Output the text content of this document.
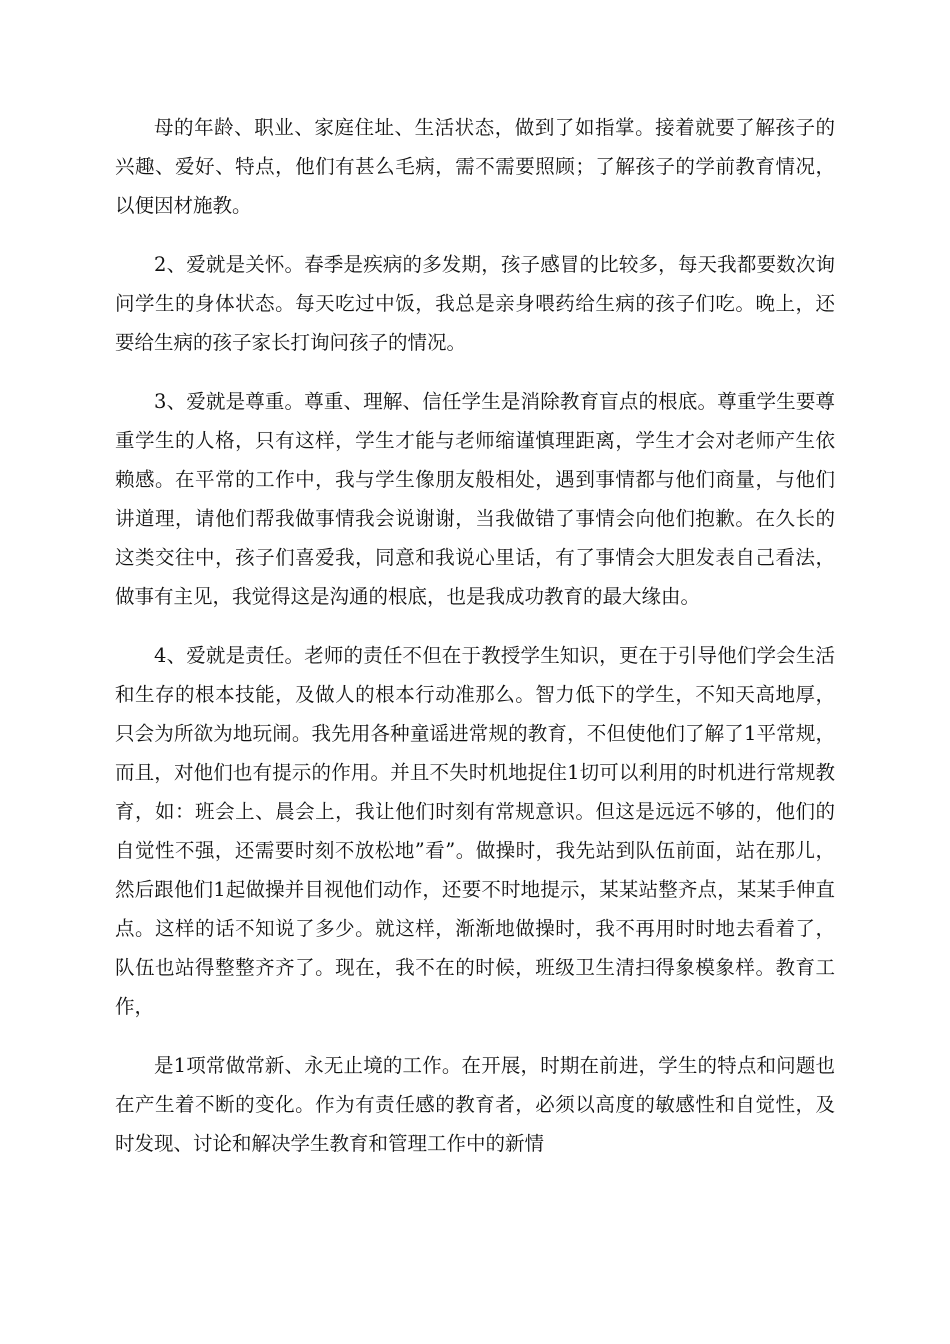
母的年龄、职业、家庭住址、生活状态，做到了如指掌。接着就要了解孩子的兴趣、爱好、特点，他们有甚么毛病，需不需要照顾；了解孩子的学前教育情况，以便因材施教。

2、爱就是关怀。春季是疾病的多发期，孩子感冒的比较多，每天我都要数次询问学生的身体状态。每天吃过中饭，我总是亲身喂药给生病的孩子们吃。晚上，还要给生病的孩子家长打询问孩子的情况。

3、爱就是尊重。尊重、理解、信任学生是消除教育盲点的根底。尊重学生要尊重学生的人格，只有这样，学生才能与老师缩谨慎理距离，学生才会对老师产生依赖感。在平常的工作中，我与学生像朋友般相处，遇到事情都与他们商量，与他们讲道理，请他们帮我做事情我会说谢谢，当我做错了事情会向他们抱歉。在久长的这类交往中，孩子们喜爱我，同意和我说心里话，有了事情会大胆发表自己看法，做事有主见，我觉得这是沟通的根底，也是我成功教育的最大缘由。

4、爱就是责任。老师的责任不但在于教授学生知识，更在于引导他们学会生活和生存的根本技能，及做人的根本行动准那么。智力低下的学生，不知天高地厚，只会为所欲为地玩闹。我先用各种童谣进常规的教育，不但使他们了解了1平常规，而且，对他们也有提示的作用。并且不失时机地捉住1切可以利用的时机进行常规教育，如：班会上、晨会上，我让他们时刻有常规意识。但这是远远不够的，他们的自觉性不强，还需要时刻不放松地”看”。做操时，我先站到队伍前面，站在那儿，然后跟他们1起做操并目视他们动作，还要不时地提示，某某站整齐点，某某手伸直点。这样的话不知说了多少。就这样，渐渐地做操时，我不再用时时地去看着了，队伍也站得整整齐齐了。现在，我不在的时候，班级卫生清扫得象模象样。教育工作，

是1项常做常新、永无止境的工作。在开展，时期在前进，学生的特点和问题也在产生着不断的变化。作为有责任感的教育者，必须以高度的敏感性和自觉性，及时发现、讨论和解决学生教育和管理工作中的新情
